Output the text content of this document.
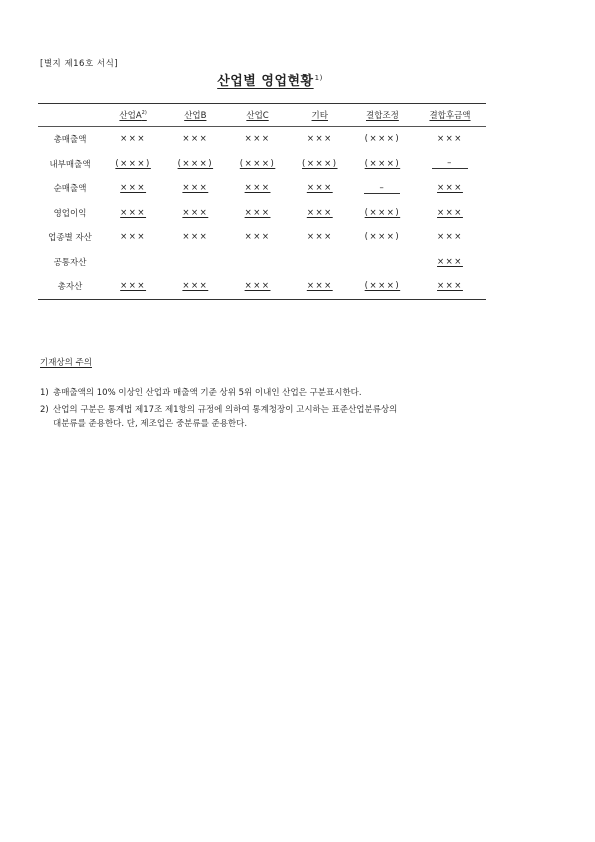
[별지 제16호 서식]
산업별 영업현황$^{1)}$
	산업$A^{2)}$	산업B	산업C	기타	결합조정	결합후금액
총매출액	×××	×××	×××	×××	(×××)	×××
내부매출액	(×××)	(×××)	(×××)	(×××)	(×××)	–
순매출액	×××	×××	×××	×××	–	×××
영업이익	×××	×××	×××	×××	(×××)	×××
업종별 자산	×××	×××	×××	×××	(×××)	×××
공통자산						×××
총자산	×××	×××	×××	×××	(×××)	×××
기재상의 주의
1) 총매출액의 10% 이상인 산업과 매출액 기준 상위 5위 이내인 산업은 구분표시한다.
2) 산업의 구분은 통계법 제17조 제1항의 규정에 의하여 통계청장이 고시하는 표준산업분류상의
대분류를 준용한다. 단, 제조업은 중분류를 준용한다.
